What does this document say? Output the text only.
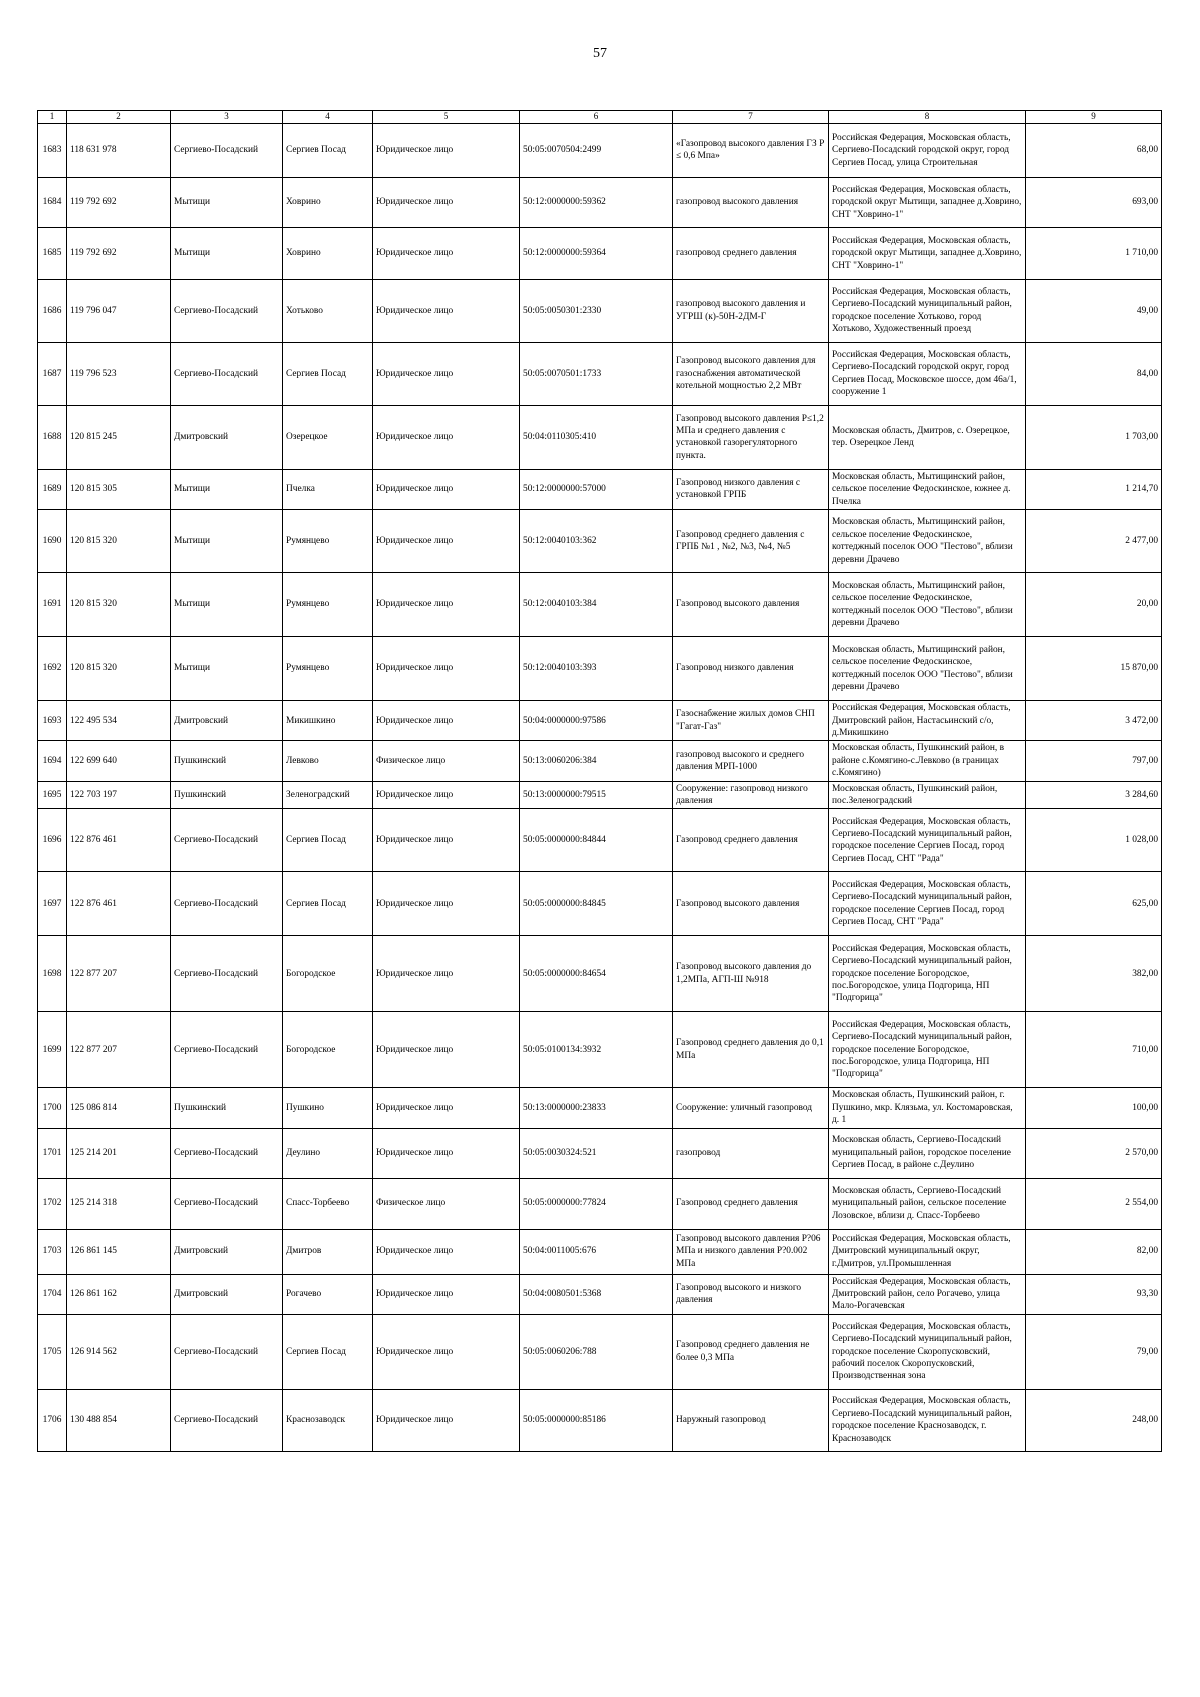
57
1	2	3	4	5	6	7	8	9
1683	118 631 978	Сергиево-Посадский	Сергиев Посад	Юридическое лицо	50:05:0070504:2499	«Газопровод высокого давления ГЗ Р ≤ 0,6 Мпа»	Российская Федерация, Московская область, Сергиево-Посадский городской округ, город Сергиев Посад, улица Строительная	68,00
1684	119 792 692	Мытищи	Ховрино	Юридическое лицо	50:12:0000000:59362	газопровод высокого давления	Российская Федерация, Московская область, городской округ Мытищи, западнее д.Ховрино, СНТ "Ховрино-1"	693,00
1685	119 792 692	Мытищи	Ховрино	Юридическое лицо	50:12:0000000:59364	газопровод среднего давления	Российская Федерация, Московская область, городской округ Мытищи, западнее д.Ховрино, СНТ "Ховрино-1"	1 710,00
1686	119 796 047	Сергиево-Посадский	Хотьково	Юридическое лицо	50:05:0050301:2330	газопровод высокого давления и УГРШ (к)-50Н-2ДМ-Г	Российская Федерация, Московская область, Сергиево-Посадский муниципальный район, городское поселение Хотьково, город Хотьково, Художественный проезд	49,00
1687	119 796 523	Сергиево-Посадский	Сергиев Посад	Юридическое лицо	50:05:0070501:1733	Газопровод высокого давления для газоснабжения автоматической котельной мощностью 2,2 МВт	Российская Федерация, Московская область, Сергиево-Посадский городской округ, город Сергиев Посад, Московское шоссе, дом 46а/1, сооружение 1	84,00
1688	120 815 245	Дмитровский	Озерецкое	Юридическое лицо	50:04:0110305:410	Газопровод высокого давления P≤1,2 МПа и среднего давления с установкой газорегуляторного пункта.	Московская область, Дмитров, с. Озерецкое, тер. Озерецкое Ленд	1 703,00
1689	120 815 305	Мытищи	Пчелка	Юридическое лицо	50:12:0000000:57000	Газопровод низкого давления с установкой ГРПБ	Московская область, Мытищинский район, сельское поселение Федоскинское, южнее д. Пчелка	1 214,70
1690	120 815 320	Мытищи	Румянцево	Юридическое лицо	50:12:0040103:362	Газопровод среднего давления с ГРПБ №1 , №2, №3, №4, №5	Московская область, Мытищинский район, сельское поселение Федоскинское, коттеджный поселок ООО "Пестово", вблизи деревни Драчево	2 477,00
1691	120 815 320	Мытищи	Румянцево	Юридическое лицо	50:12:0040103:384	Газопровод высокого давления	Московская область, Мытищинский район, сельское поселение Федоскинское, коттеджный поселок ООО "Пестово", вблизи деревни Драчево	20,00
1692	120 815 320	Мытищи	Румянцево	Юридическое лицо	50:12:0040103:393	Газопровод низкого давления	Московская область, Мытищинский район, сельское поселение Федоскинское, коттеджный поселок ООО "Пестово", вблизи деревни Драчево	15 870,00
1693	122 495 534	Дмитровский	Микишкино	Юридическое лицо	50:04:0000000:97586	Газоснабжение жилых домов СНП "Гагат-Газ"	Российская Федерация, Московская область, Дмитровский район, Настасьинский с/о, д.Микишкино	3 472,00
1694	122 699 640	Пушкинский	Левково	Физическое лицо	50:13:0060206:384	газопровод высокого и среднего давления МРП-1000	Московская область, Пушкинский район, в районе с.Комягино-с.Левково (в границах с.Комягино)	797,00
1695	122 703 197	Пушкинский	Зеленоградский	Юридическое лицо	50:13:0000000:79515	Сооружение: газопровод низкого давления	Московская область, Пушкинский район, пос.Зеленоградский	3 284,60
1696	122 876 461	Сергиево-Посадский	Сергиев Посад	Юридическое лицо	50:05:0000000:84844	Газопровод среднего давления	Российская Федерация, Московская область, Сергиево-Посадский муниципальный район, городское поселение Сергиев Посад, город Сергиев Посад, СНТ "Рада"	1 028,00
1697	122 876 461	Сергиево-Посадский	Сергиев Посад	Юридическое лицо	50:05:0000000:84845	Газопровод высокого давления	Российская Федерация, Московская область, Сергиево-Посадский муниципальный район, городское поселение Сергиев Посад, город Сергиев Посад, СНТ "Рада"	625,00
1698	122 877 207	Сергиево-Посадский	Богородское	Юридическое лицо	50:05:0000000:84654	Газопровод высокого давления до 1,2МПа, АГП-Ш №918	Российская Федерация, Московская область, Сергиево-Посадский муниципальный район, городское поселение Богородское, пос.Богородское, улица Подгорица, НП "Подгорица"	382,00
1699	122 877 207	Сергиево-Посадский	Богородское	Юридическое лицо	50:05:0100134:3932	Газопровод среднего давления до 0,1 МПа	Российская Федерация, Московская область, Сергиево-Посадский муниципальный район, городское поселение Богородское, пос.Богородское, улица Подгорица, НП "Подгорица"	710,00
1700	125 086 814	Пушкинский	Пушкино	Юридическое лицо	50:13:0000000:23833	Сооружение: уличный газопровод	Московская область, Пушкинский район, г. Пушкино, мкр. Клязьма, ул. Костомаровская, д. 1	100,00
1701	125 214 201	Сергиево-Посадский	Деулино	Юридическое лицо	50:05:0030324:521	газопровод	Московская область, Сергиево-Посадский муниципальный район, городское поселение Сергиев Посад, в районе с.Деулино	2 570,00
1702	125 214 318	Сергиево-Посадский	Спасс-Торбеево	Физическое лицо	50:05:0000000:77824	Газопровод среднего давления	Московская область, Сергиево-Посадский муниципальный район, сельское поселение Лозовское, вблизи д. Спасс-Торбеево	2 554,00
1703	126 861 145	Дмитровский	Дмитров	Юридическое лицо	50:04:0011005:676	Газопровод высокого давления P?06 МПа и низкого давления P?0.002 МПа	Российская Федерация, Московская область, Дмитровский муниципальный округ, г.Дмитров, ул.Промышленная	82,00
1704	126 861 162	Дмитровский	Рогачево	Юридическое лицо	50:04:0080501:5368	Газопровод высокого и низкого давления	Российская Федерация, Московская область, Дмитровский район, село Рогачево, улица Мало-Рогачевская	93,30
1705	126 914 562	Сергиево-Посадский	Сергиев Посад	Юридическое лицо	50:05:0060206:788	Газопровод среднего давления не более 0,3 МПа	Российская Федерация, Московская область, Сергиево-Посадский муниципальный район, городское поселение Скоропусковский, рабочий поселок Скоропусковский, Производственная зона	79,00
1706	130 488 854	Сергиево-Посадский	Краснозаводск	Юридическое лицо	50:05:0000000:85186	Наружный газопровод	Российская Федерация, Московская область, Сергиево-Посадский муниципальный район, городское поселение Краснозаводск, г. Краснозаводск	248,00
